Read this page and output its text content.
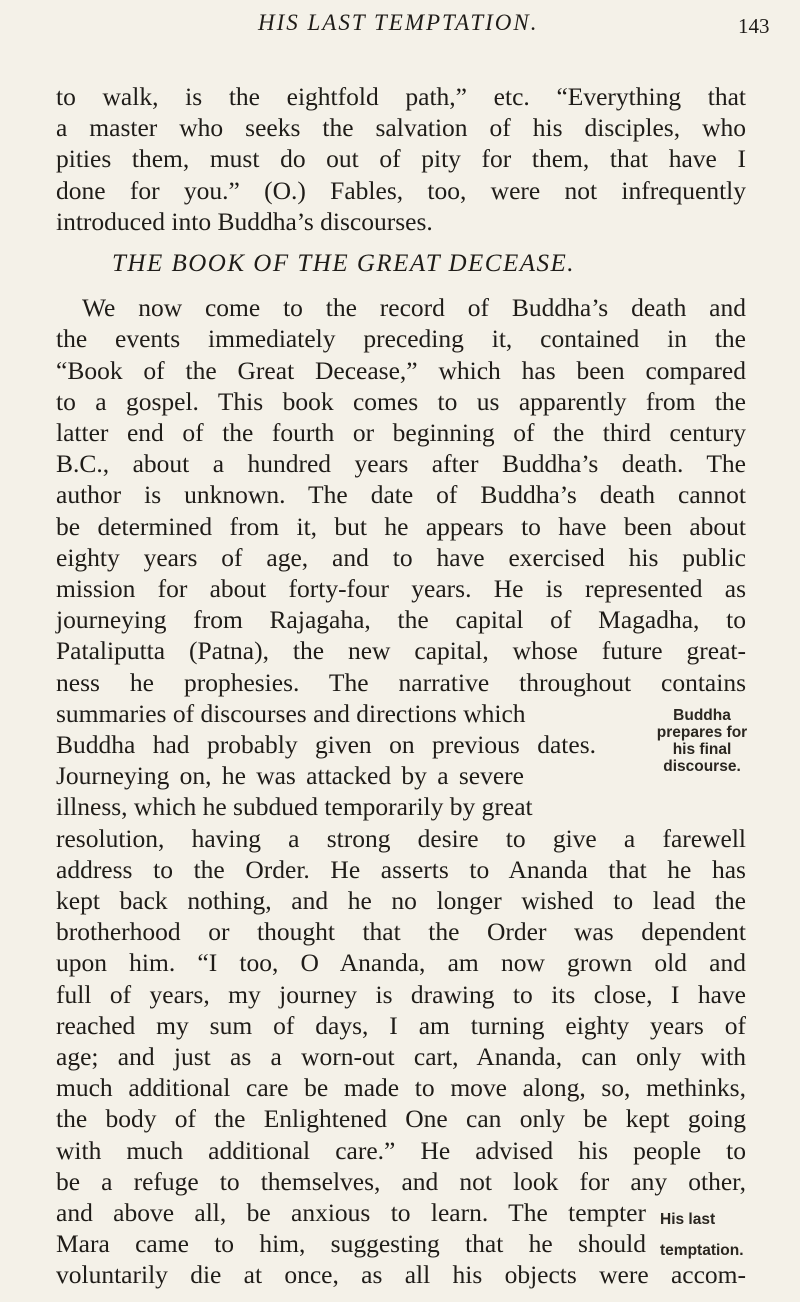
HIS LAST TEMPTATION.	143
to walk, is the eightfold path,” etc. “Everything that
a master who seeks the salvation of his disciples, who
pities them, must do out of pity for them, that have I
done for you.” (O.) Fables, too, were not infrequently
introduced into Buddha’s discourses.
THE BOOK OF THE GREAT DECEASE.
We now come to the record of Buddha’s death and
the events immediately preceding it, contained in the
“Book of the Great Decease,” which has been compared
to a gospel. This book comes to us apparently from the
latter end of the fourth or beginning of the third century
B.C., about a hundred years after Buddha’s death. The
author is unknown. The date of Buddha’s death cannot
be determined from it, but he appears to have been about
eighty years of age, and to have exercised his public
mission for about forty-four years. He is represented as
journeying from Rajagaha, the capital of Magadha, to
Pataliputta (Patna), the new capital, whose future great-
ness he prophesies. The narrative throughout contains
summaries of discourses and directions which
Buddha had probably given on previous dates.
Journeying on, he was attacked by a severe
illness, which he subdued temporarily by great
resolution, having a strong desire to give a farewell
address to the Order. He asserts to Ananda that he has
kept back nothing, and he no longer wished to lead the
brotherhood or thought that the Order was dependent
upon him. “I too, O Ananda, am now grown old and
full of years, my journey is drawing to its close, I have
Buddha
prepares for
his final
discourse.
reached my sum of days, I am turning eighty years of
age; and just as a worn-out cart, Ananda, can only with
much additional care be made to move along, so, methinks,
the body of the Enlightened One can only be kept going
with much additional care.” He advised his people to
be a refuge to themselves, and not look for any other,
and above all, be anxious to learn. The tempter
Mara came to him, suggesting that he should
voluntarily die at once, as all his objects were accom-
His last
temptation.
